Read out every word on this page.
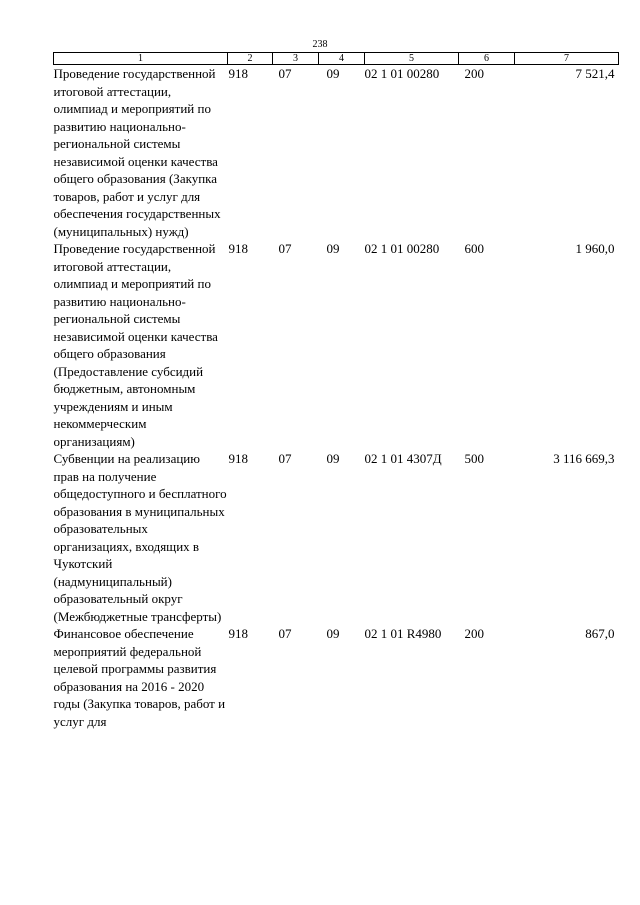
238
1	2	3	4	5	6	7
Проведение государственной итоговой аттестации, олимпиад и мероприятий по развитию национально-региональной системы независимой оценки качества общего образования (Закупка товаров, работ и услуг для обеспечения государственных (муниципальных) нужд)	918	07	09	02 1 01 00280	200	7 521,4
Проведение государственной итоговой аттестации, олимпиад и мероприятий по развитию национально-региональной системы независимой оценки качества общего образования (Предоставление субсидий бюджетным, автономным учреждениям и иным некоммерческим организациям)	918	07	09	02 1 01 00280	600	1 960,0
Субвенции на реализацию прав на получение общедоступного и бесплатного образования в муниципальных образовательных организациях, входящих в Чукотский (надмуниципальный) образовательный округ (Межбюджетные трансферты)	918	07	09	02 1 01 4307Д	500	3 116 669,3
Финансовое обеспечение мероприятий федеральной целевой программы развития образования на 2016 - 2020 годы (Закупка товаров, работ и услуг для	918	07	09	02 1 01 R4980	200	867,0
